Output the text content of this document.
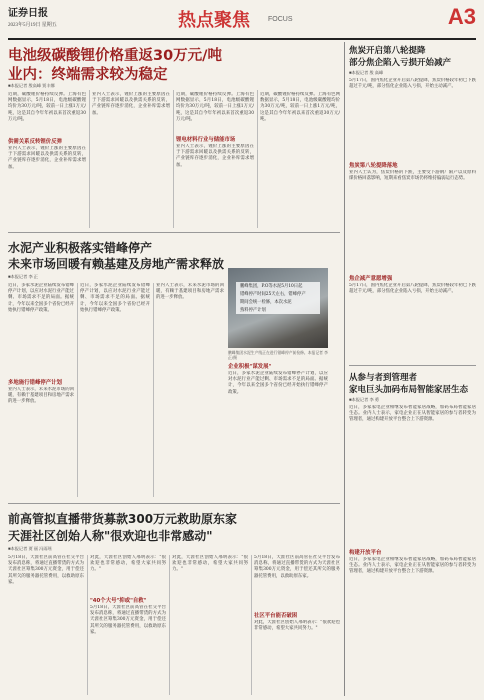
证券日报
2023年5月19日 星期五	热点聚焦	FOCUS	A3
电池级碳酸锂价格重返30万元/吨
业内：终端需求较为稳定
■本报记者 殷高峰 贾丰娜
近期，碳酸锂价格持续反弹。上海有色网数据显示，5月18日，电池级碳酸锂均价为30万元/吨，较前一日上涨1万元/吨，这是其自今年年初以来首次重返30万元/吨。
供需关系反转锂价反弹
业内人士表示，锂价上涨的主要原因在于下游需求回暖以及供需关系的反转，产业链库存逐步消化，企业补库需求增加。
业内人士表示，锂价上涨的主要原因在于下游需求回暖以及供需关系的反转，产业链库存逐步消化，企业补库需求增加。
近期，碳酸锂价格持续反弹。上海有色网数据显示，5月18日，电池级碳酸锂均价为30万元/吨，较前一日上涨1万元/吨，这是其自今年年初以来首次重返30万元/吨。
锂电材料行业与储能市场
业内人士表示，锂价上涨的主要原因在于下游需求回暖以及供需关系的反转，产业链库存逐步消化，企业补库需求增加。
近期，碳酸锂价格持续反弹。上海有色网数据显示，5月18日，电池级碳酸锂均价为30万元/吨，较前一日上涨1万元/吨，这是其自今年年初以来首次重返30万元/吨。
水泥产业积极落实错峰停产
未来市场回暖有赖基建及房地产需求释放
■本报记者 李 正
近日，多家水泥企业陆续发布错峰停产计划，以应对水泥行业产能过剩、市场需求不足的局面。据统计，今年以来全国多个省份已经开始执行错峰停产政策。
多地施行错峰停产计划
业内人士表示，未来水泥市场的回暖，有赖于基建项目和房地产需求的进一步释放。
近日，多家水泥企业陆续发布错峰停产计划，以应对水泥行业产能过剩、市场需求不足的局面。据统计，今年以来全国多个省份已经开始执行错峰停产政策。
业内人士表示，未来水泥市场的回暖，有赖于基建项目和房地产需求的进一步释放。
鹏峰集团，P.O等水泥5月10日起
错峰停产时间25天左右，错峰停产
期间会统一检修，本次水泥
熟料停产计划
鹏峰集团水泥生产线正在进行错峰停产前检修。本报记者 李正/摄
企业积极"谋发展"
近日，多家水泥企业陆续发布错峰停产计划，以应对水泥行业产能过剩、市场需求不足的局面。据统计，今年以来全国多个省份已经开始执行错峰停产政策。
前高管拟直播带货募款300万元救助原东家
天涯社区创始人称"很欢迎也非常感动"
■本报记者 贾 丽 冯雨瑶
5月18日，天涯社区前高管在社交平台发布消息称，将通过直播带货的方式为天涯社区筹集300万元资金，用于偿还其所欠的服务器托管费用，以救助原东家。
对此，天涯社区创始人邢明表示："很欢迎也非常感动，希望大家共同努力。"
"40个大号"抑或"自救"
5月18日，天涯社区前高管在社交平台发布消息称，将通过直播带货的方式为天涯社区筹集300万元资金，用于偿还其所欠的服务器托管费用，以救助原东家。
对此，天涯社区创始人邢明表示："很欢迎也非常感动，希望大家共同努力。"
5月18日，天涯社区前高管在社交平台发布消息称，将通过直播带货的方式为天涯社区筹集300万元资金，用于偿还其所欠的服务器托管费用，以救助原东家。
社区平台能否破困
对此，天涯社区创始人邢明表示："很欢迎也非常感动，希望大家共同努力。"
焦炭开启第八轮提降
部分焦企陷入亏损开始减产
■本报记者 殷 高峰
5月17日，国内焦化企业开启第八轮提降，焦炭价格较年初已下跌超过千元/吨，部分焦化企业陷入亏损，开始主动减产。
焦炭第八轮提降落地
业内人士认为，焦炭价格的下跌，主要受下游钢厂限产以及原料煤价格回落影响，短期来看焦炭市场仍将维持偏弱运行态势。
焦企减产意愿增强
5月17日，国内焦化企业开启第八轮提降，焦炭价格较年初已下跌超过千元/吨，部分焦化企业陷入亏损，开始主动减产。
从参与者到管理者
家电巨头加码布局智能家居生态
■本报记者 李 勇
近日，多家家电企业相继发布智能家居战略，加码布局智能家居生态。业内人士表示，家电企业正在从智能家居的参与者转变为管理者，通过构建开放平台整合上下游资源。
构建开放平台
近日，多家家电企业相继发布智能家居战略，加码布局智能家居生态。业内人士表示，家电企业正在从智能家居的参与者转变为管理者，通过构建开放平台整合上下游资源。
